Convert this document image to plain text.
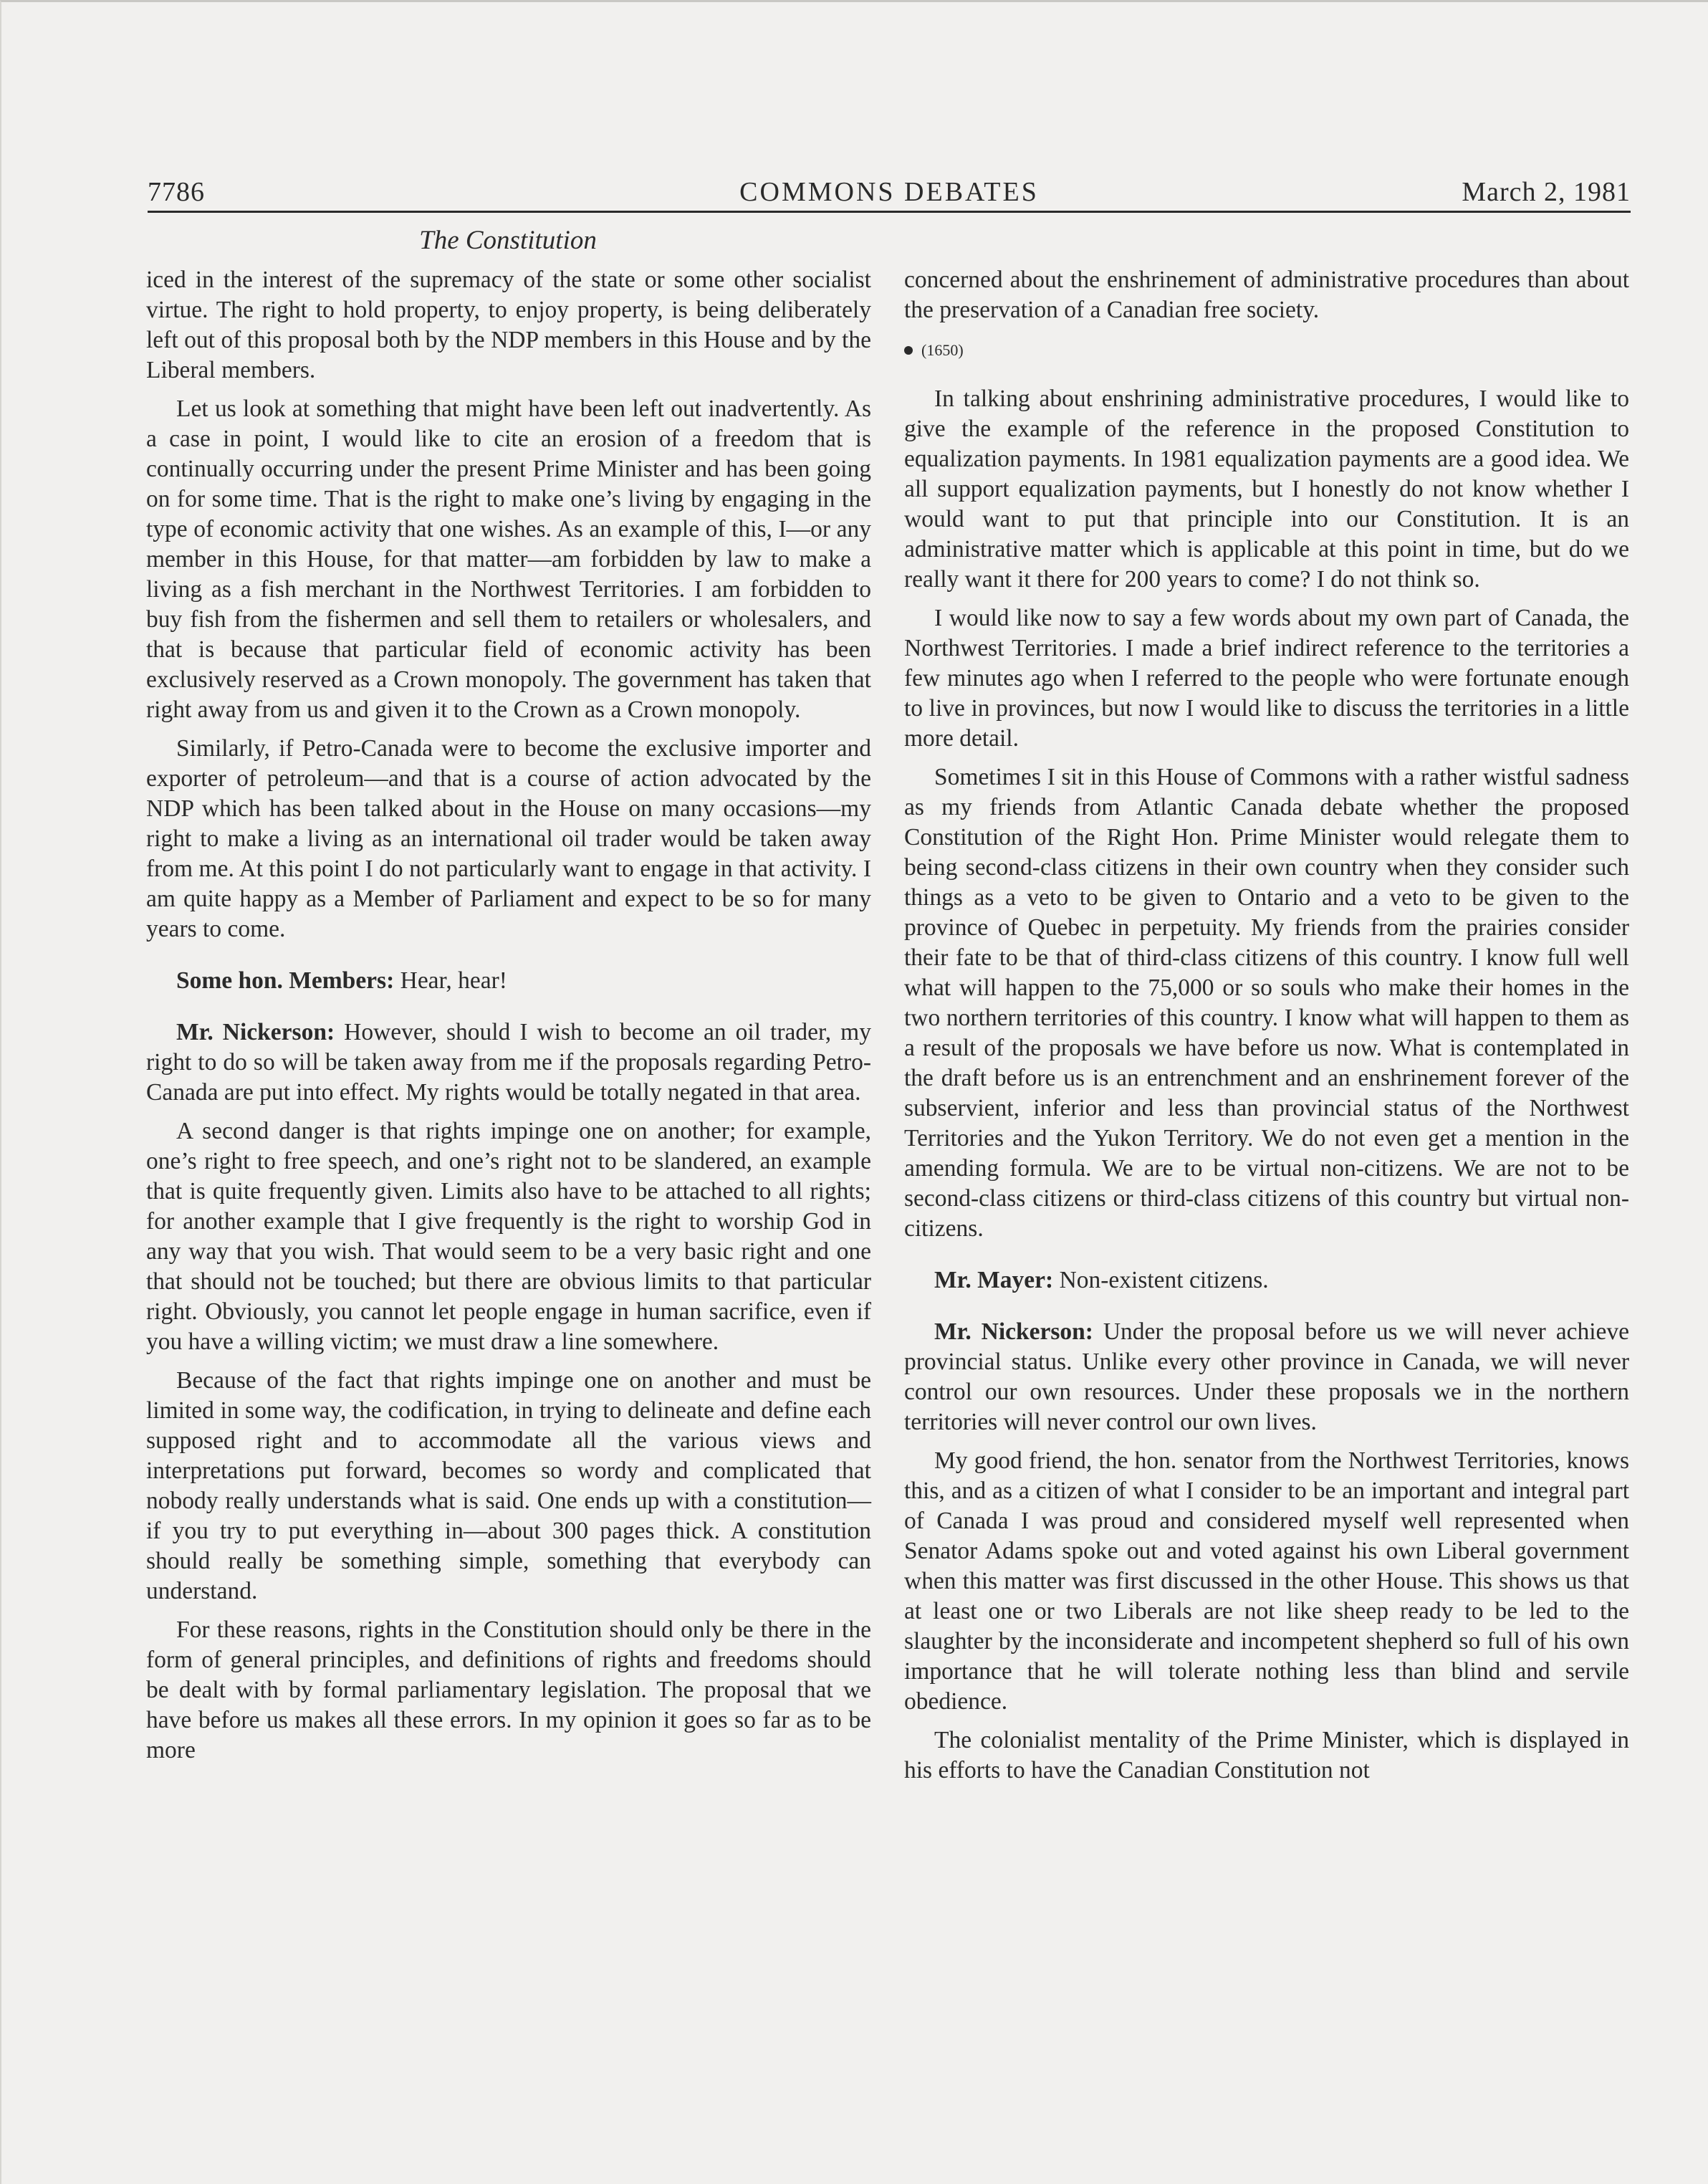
7786	COMMONS DEBATES	March 2, 1981
The Constitution

iced in the interest of the supremacy of the state or some other socialist virtue. The right to hold property, to enjoy property, is being deliberately left out of this proposal both by the NDP members in this House and by the Liberal members.

Let us look at something that might have been left out inadvertently. As a case in point, I would like to cite an erosion of a freedom that is continually occurring under the present Prime Minister and has been going on for some time. That is the right to make one’s living by engaging in the type of economic activity that one wishes. As an example of this, I—or any member in this House, for that matter—am forbidden by law to make a living as a fish merchant in the Northwest Territories. I am forbidden to buy fish from the fishermen and sell them to retailers or wholesalers, and that is because that particular field of economic activity has been exclusively reserved as a Crown monopoly. The government has taken that right away from us and given it to the Crown as a Crown monopoly.

Similarly, if Petro-Canada were to become the exclusive importer and exporter of petroleum—and that is a course of action advocated by the NDP which has been talked about in the House on many occasions—my right to make a living as an international oil trader would be taken away from me. At this point I do not particularly want to engage in that activity. I am quite happy as a Member of Parliament and expect to be so for many years to come.

Some hon. Members: Hear, hear!

Mr. Nickerson: However, should I wish to become an oil trader, my right to do so will be taken away from me if the proposals regarding Petro-Canada are put into effect. My rights would be totally negated in that area.

A second danger is that rights impinge one on another; for example, one’s right to free speech, and one’s right not to be slandered, an example that is quite frequently given. Limits also have to be attached to all rights; for another example that I give frequently is the right to worship God in any way that you wish. That would seem to be a very basic right and one that should not be touched; but there are obvious limits to that particular right. Obviously, you cannot let people engage in human sacrifice, even if you have a willing victim; we must draw a line somewhere.

Because of the fact that rights impinge one on another and must be limited in some way, the codification, in trying to delineate and define each supposed right and to accommodate all the various views and interpretations put forward, becomes so wordy and complicated that nobody really understands what is said. One ends up with a constitution—if you try to put everything in—about 300 pages thick. A constitution should really be something simple, something that everybody can understand.

For these reasons, rights in the Constitution should only be there in the form of general principles, and definitions of rights and freedoms should be dealt with by formal parliamentary legislation. The proposal that we have before us makes all these errors. In my opinion it goes so far as to be more

concerned about the enshrinement of administrative procedures than about the preservation of a Canadian free society.

(1650)

In talking about enshrining administrative procedures, I would like to give the example of the reference in the proposed Constitution to equalization payments. In 1981 equalization payments are a good idea. We all support equalization payments, but I honestly do not know whether I would want to put that principle into our Constitution. It is an administrative matter which is applicable at this point in time, but do we really want it there for 200 years to come? I do not think so.

I would like now to say a few words about my own part of Canada, the Northwest Territories. I made a brief indirect reference to the territories a few minutes ago when I referred to the people who were fortunate enough to live in provinces, but now I would like to discuss the territories in a little more detail.

Sometimes I sit in this House of Commons with a rather wistful sadness as my friends from Atlantic Canada debate whether the proposed Constitution of the Right Hon. Prime Minister would relegate them to being second-class citizens in their own country when they consider such things as a veto to be given to Ontario and a veto to be given to the province of Quebec in perpetuity. My friends from the prairies consider their fate to be that of third-class citizens of this country. I know full well what will happen to the 75,000 or so souls who make their homes in the two northern territories of this country. I know what will happen to them as a result of the proposals we have before us now. What is contemplated in the draft before us is an entrenchment and an enshrinement forever of the subservient, inferior and less than provincial status of the Northwest Territories and the Yukon Territory. We do not even get a mention in the amending formula. We are to be virtual non-citizens. We are not to be second-class citizens or third-class citizens of this country but virtual non-citizens.

Mr. Mayer: Non-existent citizens.

Mr. Nickerson: Under the proposal before us we will never achieve provincial status. Unlike every other province in Canada, we will never control our own resources. Under these proposals we in the northern territories will never control our own lives.

My good friend, the hon. senator from the Northwest Territories, knows this, and as a citizen of what I consider to be an important and integral part of Canada I was proud and considered myself well represented when Senator Adams spoke out and voted against his own Liberal government when this matter was first discussed in the other House. This shows us that at least one or two Liberals are not like sheep ready to be led to the slaughter by the inconsiderate and incompetent shepherd so full of his own importance that he will tolerate nothing less than blind and servile obedience.

The colonialist mentality of the Prime Minister, which is displayed in his efforts to have the Canadian Constitution not
